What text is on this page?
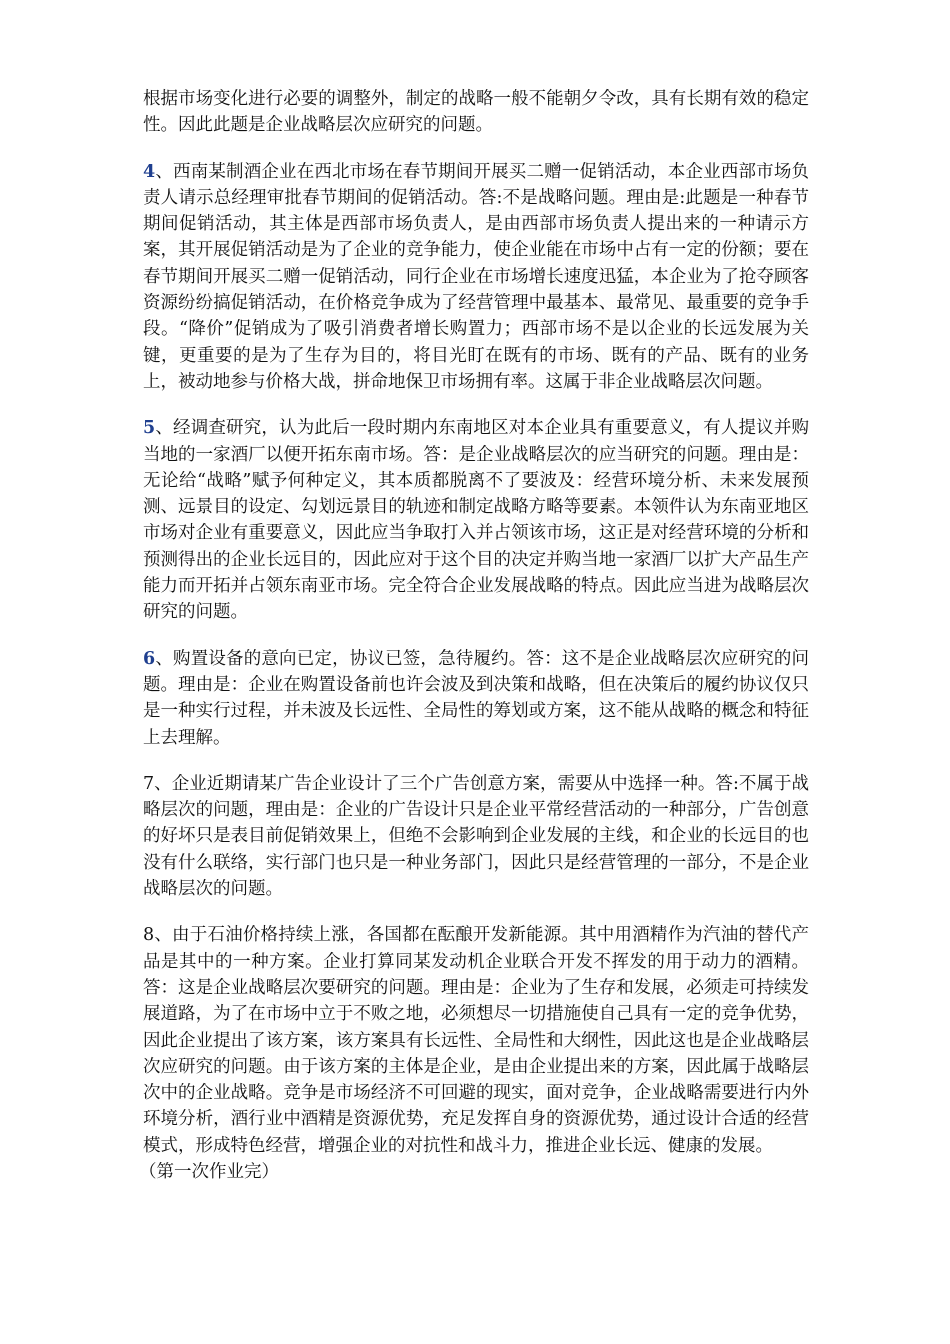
根据市场变化进行必要的调整外，制定的战略一般不能朝夕令改，具有长期有效的稳定性。因此此题是企业战略层次应研究的问题。

4、西南某制酒企业在西北市场在春节期间开展买二赠一促销活动，本企业西部市场负责人请示总经理审批春节期间的促销活动。答:不是战略问题。理由是:此题是一种春节期间促销活动，其主体是西部市场负责人，是由西部市场负责人提出来的一种请示方案，其开展促销活动是为了企业的竞争能力，使企业能在市场中占有一定的份额；要在春节期间开展买二赠一促销活动，同行企业在市场增长速度迅猛，本企业为了抢夺顾客资源纷纷搞促销活动，在价格竞争成为了经营管理中最基本、最常见、最重要的竞争手段。“降价”促销成为了吸引消费者增长购置力；西部市场不是以企业的长远发展为关键，更重要的是为了生存为目的，将目光盯在既有的市场、既有的产品、既有的业务上，被动地参与价格大战，拼命地保卫市场拥有率。这属于非企业战略层次问题。

5、经调查研究，认为此后一段时期内东南地区对本企业具有重要意义，有人提议并购当地的一家酒厂以便开拓东南市场。答：是企业战略层次的应当研究的问题。理由是：无论给“战略”赋予何种定义，其本质都脱离不了要波及：经营环境分析、未来发展预测、远景目的设定、勾划远景目的轨迹和制定战略方略等要素。本领件认为东南亚地区市场对企业有重要意义，因此应当争取打入并占领该市场，这正是对经营环境的分析和预测得出的企业长远目的，因此应对于这个目的决定并购当地一家酒厂以扩大产品生产能力而开拓并占领东南亚市场。完全符合企业发展战略的特点。因此应当进为战略层次研究的问题。

6、购置设备的意向已定，协议已签，急待履约。答：这不是企业战略层次应研究的问题。理由是：企业在购置设备前也许会波及到决策和战略，但在决策后的履约协议仅只是一种实行过程，并未波及长远性、全局性的筹划或方案，这不能从战略的概念和特征上去理解。

7、企业近期请某广告企业设计了三个广告创意方案，需要从中选择一种。答:不属于战略层次的问题，理由是：企业的广告设计只是企业平常经营活动的一种部分，广告创意的好坏只是表目前促销效果上，但绝不会影响到企业发展的主线，和企业的长远目的也没有什么联络，实行部门也只是一种业务部门，因此只是经营管理的一部分，不是企业战略层次的问题。

8、由于石油价格持续上涨，各国都在酝酿开发新能源。其中用酒精作为汽油的替代产品是其中的一种方案。企业打算同某发动机企业联合开发不挥发的用于动力的酒精。答：这是企业战略层次要研究的问题。理由是：企业为了生存和发展，必须走可持续发展道路，为了在市场中立于不败之地，必须想尽一切措施使自己具有一定的竞争优势，因此企业提出了该方案，该方案具有长远性、全局性和大纲性，因此这也是企业战略层次应研究的问题。由于该方案的主体是企业，是由企业提出来的方案，因此属于战略层次中的企业战略。竞争是市场经济不可回避的现实，面对竞争，企业战略需要进行内外环境分析，酒行业中酒精是资源优势，充足发挥自身的资源优势，通过设计合适的经营模式，形成特色经营，增强企业的对抗性和战斗力，推进企业长远、健康的发展。

（第一次作业完）
